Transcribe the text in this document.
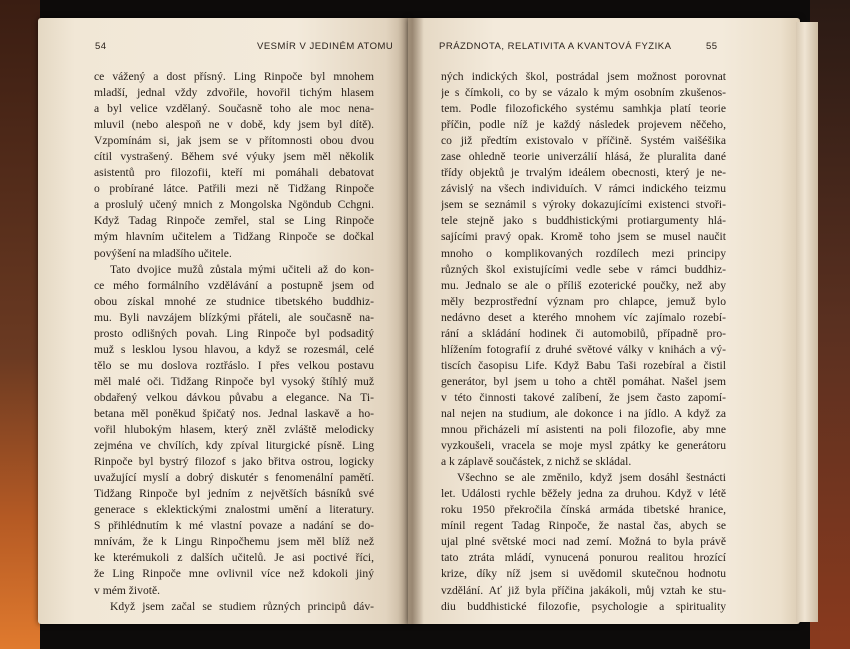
54	VESMÍR V JEDINÉM ATOMU	PRÁZDNOTA, RELATIVITA A KVANTOVÁ FYZIKA	55
ce vážený a dost přísný. Ling Rinpoče byl mnohem
mladší, jednal vždy zdvořile, hovořil tichým hlasem
a byl velice vzdělaný. Současně toho ale moc nena-
mluvil (nebo alespoň ne v době, kdy jsem byl dítě).
Vzpomínám si, jak jsem se v přítomnosti obou dvou
cítil vystrašený. Během své výuky jsem měl několik
asistentů pro filozofii, kteří mi pomáhali debatovat
o probírané látce. Patřili mezi ně Tidžang Rinpoče
a proslulý učený mnich z Mongolska Ngöndub Cchgni.
Když Tadag Rinpoče zemřel, stal se Ling Rinpoče
mým hlavním učitelem a Tidžang Rinpoče se dočkal
povýšení na mladšího učitele.
Tato dvojice mužů zůstala mými učiteli až do kon-
ce mého formálního vzdělávání a postupně jsem od
obou získal mnohé ze studnice tibetského buddhiz-
mu. Byli navzájem blízkými přáteli, ale současně na-
prosto odlišných povah. Ling Rinpoče byl podsaditý
muž s lesklou lysou hlavou, a když se rozesmál, celé
tělo se mu doslova roztřáslo. I přes velkou postavu
měl malé oči. Tidžang Rinpoče byl vysoký štíhlý muž
obdařený velkou dávkou půvabu a elegance. Na Ti-
betana měl poněkud špičatý nos. Jednal laskavě a ho-
vořil hlubokým hlasem, který zněl zvláště melodicky
zejména ve chvílích, kdy zpíval liturgické písně. Ling
Rinpoče byl bystrý filozof s jako břitva ostrou, logicky
uvažující myslí a dobrý diskutér s fenomenální pamětí.
Tidžang Rinpoče byl jedním z největších básníků své
generace s eklektickými znalostmi umění a literatury.
S přihlédnutím k mé vlastní povaze a nadání se do-
mnívám, že k Lingu Rinpočhemu jsem měl blíž než
ke kterémukoli z dalších učitelů. Je asi poctivé říci,
že Ling Rinpoče mne ovlivnil více než kdokoli jiný
v mém životě.
Když jsem začal se studiem různých principů dáv-
ných indických škol, postrádal jsem možnost porovnat
je s čímkoli, co by se vázalo k mým osobním zkušenos-
tem. Podle filozofického systému samhkja platí teorie
příčin, podle níž je každý následek projevem něčeho,
co již předtím existovalo v příčině. Systém vaišéšika
zase ohledně teorie univerzálií hlásá, že pluralita dané
třídy objektů je trvalým ideálem obecnosti, který je ne-
závislý na všech individuích. V rámci indického teizmu
jsem se seznámil s výroky dokazujícími existenci stvoři-
tele stejně jako s buddhistickými protiargumenty hlá-
sajícími pravý opak. Kromě toho jsem se musel naučit
mnoho o komplikovaných rozdílech mezi principy
různých škol existujícími vedle sebe v rámci buddhiz-
mu. Jednalo se ale o příliš ezoterické poučky, než aby
měly bezprostřední význam pro chlapce, jemuž bylo
nedávno deset a kterého mnohem víc zajímalo rozebí-
rání a skládání hodinek či automobilů, případně pro-
hlížením fotografií z druhé světové války v knihách a vý-
tiscích časopisu Life. Když Babu Taši rozebíral a čistil
generátor, byl jsem u toho a chtěl pomáhat. Našel jsem
v této činnosti takové zalíbení, že jsem často zapomí-
nal nejen na studium, ale dokonce i na jídlo. A když za
mnou přicházeli mí asistenti na poli filozofie, aby mne
vyzkoušeli, vracela se moje mysl zpátky ke generátoru
a k záplavě součástek, z nichž se skládal.
Všechno se ale změnilo, když jsem dosáhl šestnácti
let. Události rychle běžely jedna za druhou. Když v létě
roku 1950 překročila čínská armáda tibetské hranice,
mínil regent Tadag Rinpoče, že nastal čas, abych se
ujal plné světské moci nad zemí. Možná to byla právě
tato ztráta mládí, vynucená ponurou realitou hrozící
krize, díky níž jsem si uvědomil skutečnou hodnotu
vzdělání. Ať již byla příčina jakákoli, můj vztah ke stu-
diu buddhistické filozofie, psychologie a spirituality
